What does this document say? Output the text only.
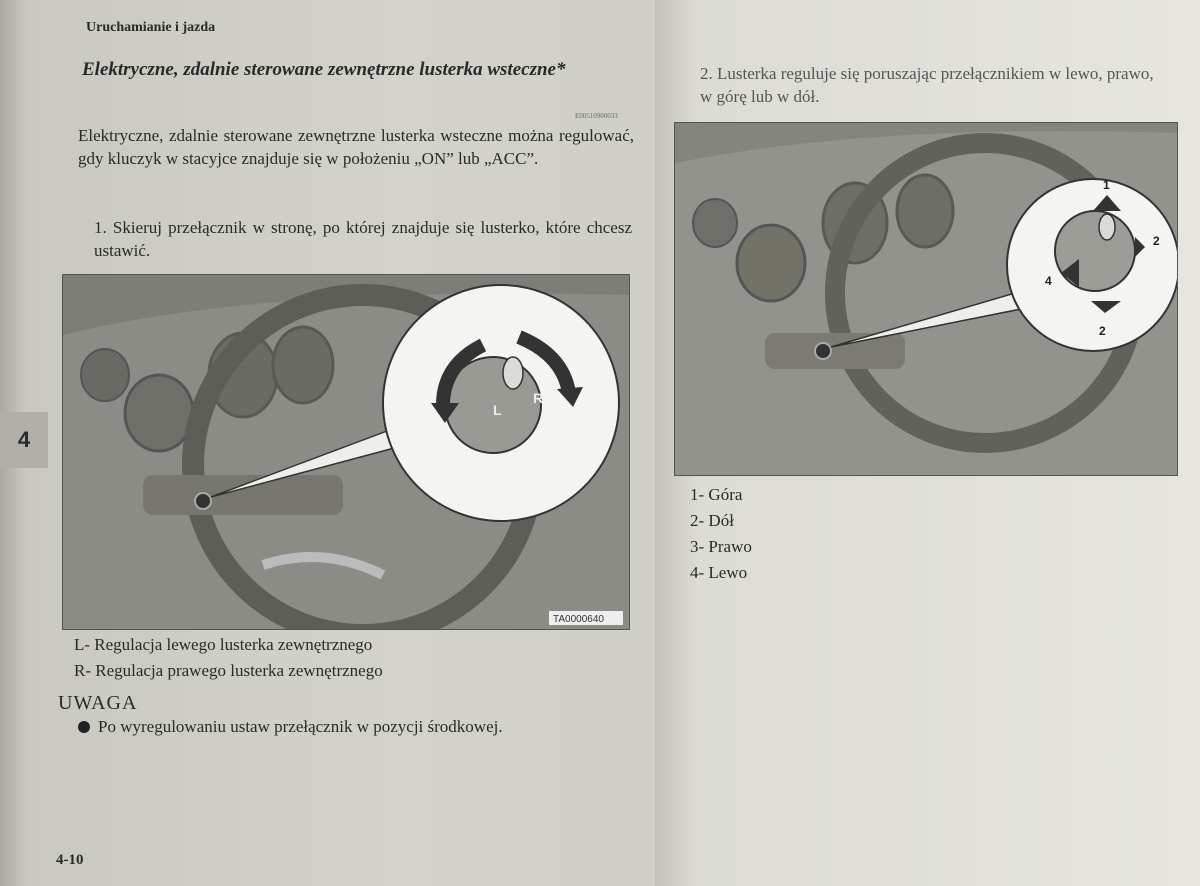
Uruchamianie i jazda
Elektryczne, zdalnie sterowane zewnętrzne lusterka wsteczne*
E00510900033
Elektryczne, zdalnie sterowane zewnętrzne lusterka wsteczne można regulować, gdy kluczyk w stacyjce znajduje się w położeniu „ON” lub „ACC”.
1. Skieruj przełącznik w stronę, po której znajduje się lusterko, które chcesz ustawić.
L
R
TA0000640
L- Regulacja lewego lusterka zewnętrznego
R- Regulacja prawego lusterka zewnętrznego
UWAGA
Po wyregulowaniu ustaw przełącznik w pozycji środkowej.
4
4-10
2. Lusterka reguluje się poruszając przełącznikiem w lewo, prawo, w górę lub w dół.
1
2
2
4
1- Góra
2- Dół
3- Prawo
4- Lewo
